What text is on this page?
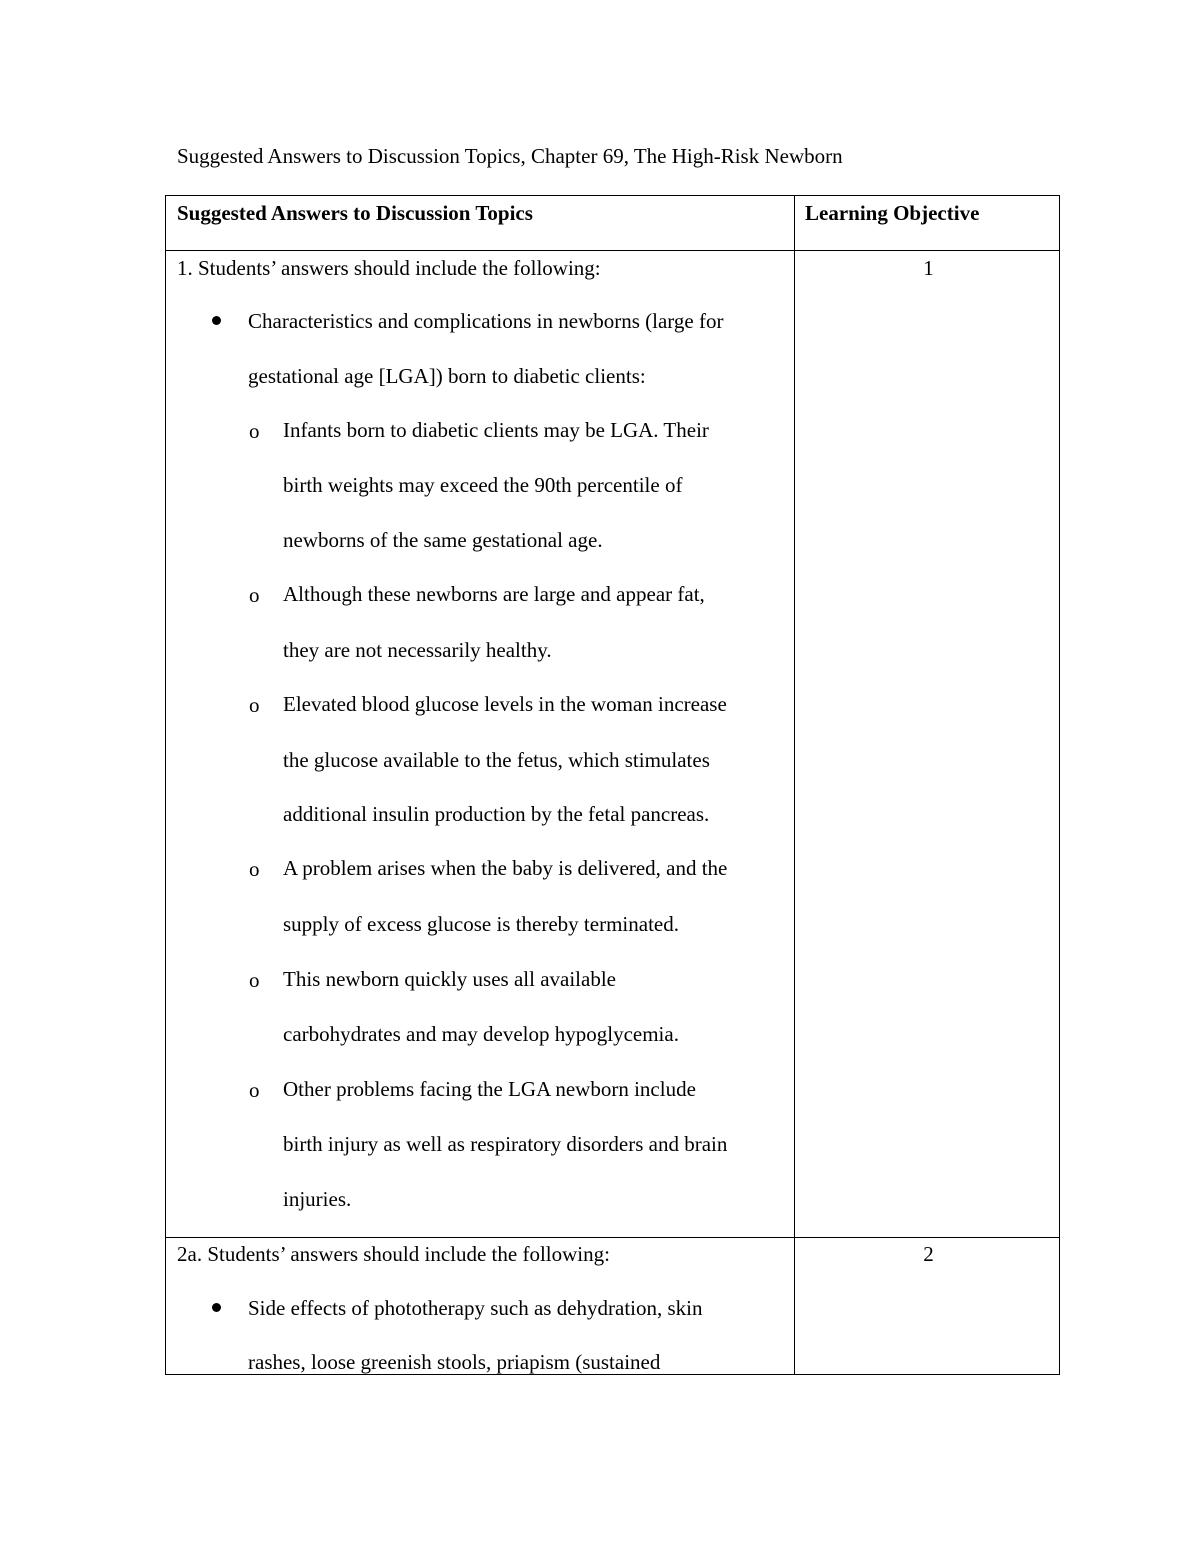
Suggested Answers to Discussion Topics, Chapter 69, The High-Risk Newborn
Suggested Answers to Discussion Topics	Learning Objective
1. Students’ answers should include the following:	1
Characteristics and complications in newborns (large for
gestational age [LGA]) born to diabetic clients:
o Infants born to diabetic clients may be LGA. Their
birth weights may exceed the 90th percentile of
newborns of the same gestational age.
o Although these newborns are large and appear fat,
they are not necessarily healthy.
o Elevated blood glucose levels in the woman increase
the glucose available to the fetus, which stimulates
additional insulin production by the fetal pancreas.
o A problem arises when the baby is delivered, and the
supply of excess glucose is thereby terminated.
o This newborn quickly uses all available
carbohydrates and may develop hypoglycemia.
o Other problems facing the LGA newborn include
birth injury as well as respiratory disorders and brain
injuries.
2a. Students’ answers should include the following:	2
Side effects of phototherapy such as dehydration, skin
rashes, loose greenish stools, priapism (sustained
